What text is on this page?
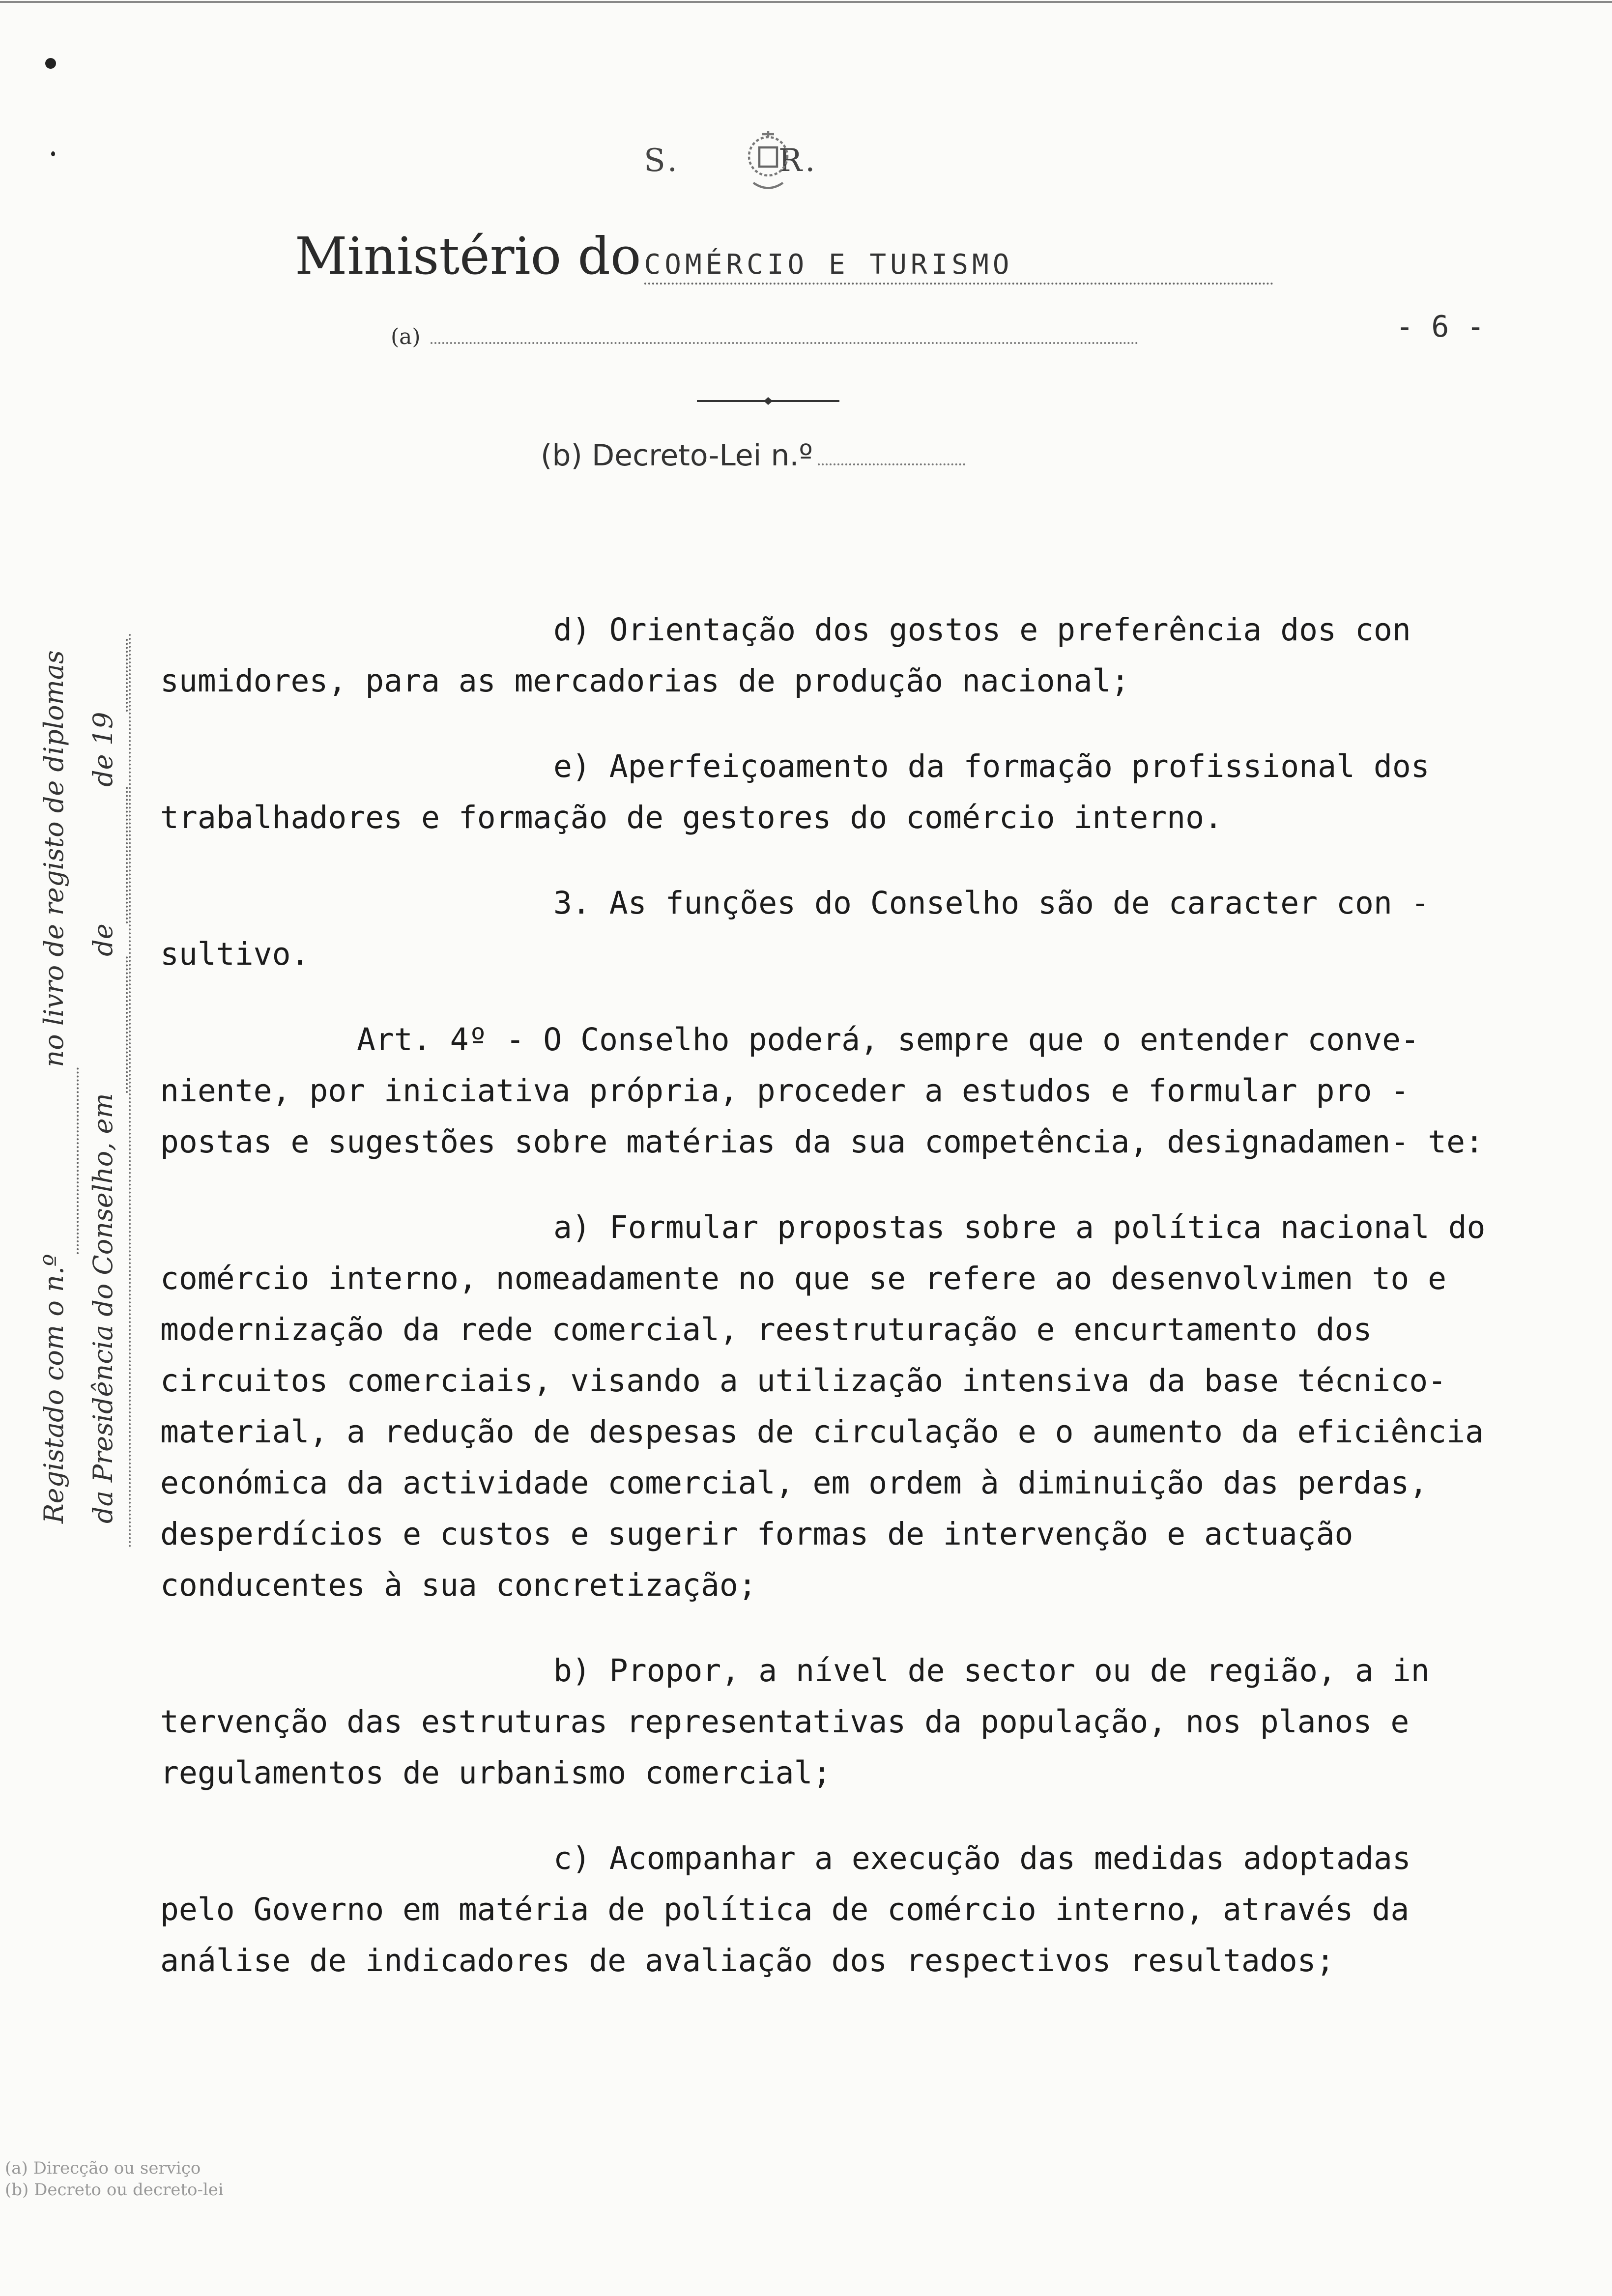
S.	R.
Ministério do COMÉRCIO E TURISMO
(a)	- 6 -
(b) Decreto-Lei n.º
Registado com o n.º
no livro de registo de diplomas
da Presidência do Conselho, em
de
de 19

d) Orientação dos gostos e preferência dos con sumidores, para as mercadorias de produção nacional;

e) Aperfeiçoamento da formação profissional dos trabalhadores e formação de gestores do comércio interno.

3. As funções do Conselho são de caracter con - sultivo.

Art. 4º - O Conselho poderá, sempre que o entender conve- niente, por iniciativa própria, proceder a estudos e formular pro - postas e sugestões sobre matérias da sua competência, designadamen- te:

a) Formular propostas sobre a política nacional do comércio interno, nomeadamente no que se refere ao desenvolvimen to e modernização da rede comercial, reestruturação e encurtamento dos circuitos comerciais, visando a utilização intensiva da base técnico-material, a redução de despesas de circulação e o aumento da eficiência económica da actividade comercial, em ordem à diminuição das perdas, desperdícios e custos e sugerir formas de intervenção e actuação conducentes à sua concretização;

b) Propor, a nível de sector ou de região, a in tervenção das estruturas representativas da população, nos planos e regulamentos de urbanismo comercial;

c) Acompanhar a execução das medidas adoptadas pelo Governo em matéria de política de comércio interno, através da análise de indicadores de avaliação dos respectivos resultados;

(a) Direcção ou serviço
(b) Decreto ou decreto-lei
